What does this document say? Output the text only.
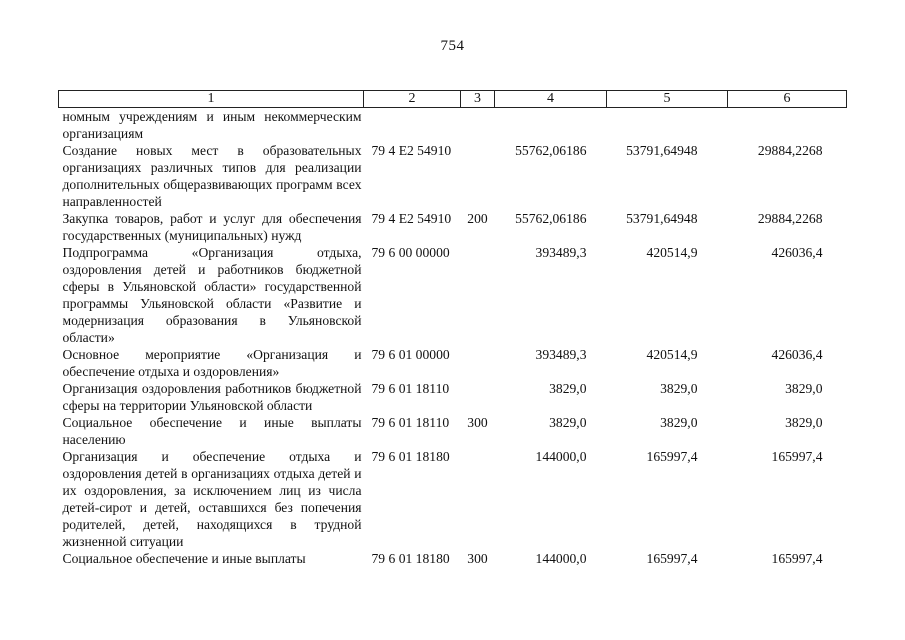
754
1	2	3	4	5	6
номным учреждениям и иным некоммерческим организациям					
Создание новых мест в образовательных организациях различных типов для реализации дополнительных общеразвивающих программ всех направленностей	79 4 E2 54910		55762,06186	53791,64948	29884,2268
Закупка товаров, работ и услуг для обеспечения государственных (муниципальных) нужд	79 4 E2 54910	200	55762,06186	53791,64948	29884,2268
Подпрограмма «Организация отдыха, оздоровления детей и работников бюджетной сферы в Ульяновской области» государственной программы Ульяновской области «Развитие и модернизация образования в Ульяновской области»	79 6 00 00000		393489,3	420514,9	426036,4
Основное мероприятие «Организация и обеспечение отдыха и оздоровления»	79 6 01 00000		393489,3	420514,9	426036,4
Организация оздоровления работников бюджетной сферы на территории Ульяновской области	79 6 01 18110		3829,0	3829,0	3829,0
Социальное обеспечение и иные выплаты населению	79 6 01 18110	300	3829,0	3829,0	3829,0
Организация и обеспечение отдыха и оздоровления детей в организациях отдыха детей и их оздоровления, за исключением лиц из числа детей-сирот и детей, оставшихся без попечения родителей, детей, находящихся в трудной жизненной ситуации	79 6 01 18180		144000,0	165997,4	165997,4
Социальное обеспечение и иные выплаты	79 6 01 18180	300	144000,0	165997,4	165997,4
